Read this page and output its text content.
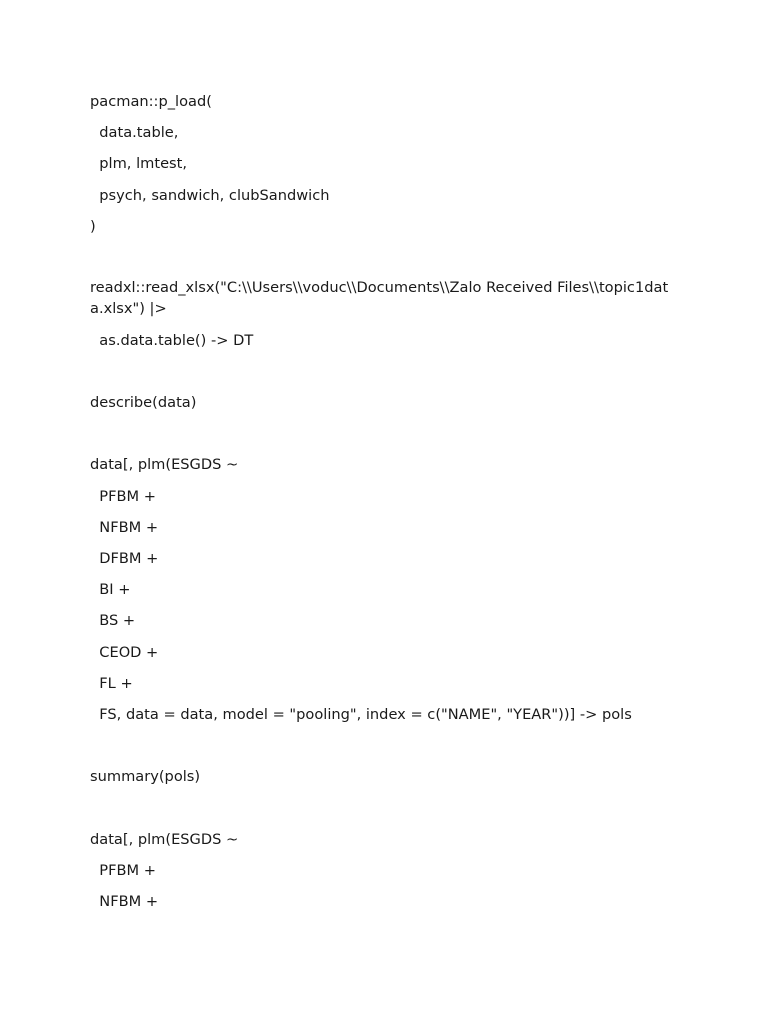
pacman::p_load(
data.table,
plm, lmtest,
psych, sandwich, clubSandwich
)
readxl::read_xlsx("C:\\Users\\voduc\\Documents\\Zalo Received Files\\topic1data.xlsx") |>
as.data.table() -> DT
describe(data)
data[, plm(ESGDS ~
PFBM +
NFBM +
DFBM +
BI +
BS +
CEOD +
FL +
FS, data = data, model = "pooling", index = c("NAME", "YEAR"))] -> pols
summary(pols)
data[, plm(ESGDS ~
PFBM +
NFBM +
